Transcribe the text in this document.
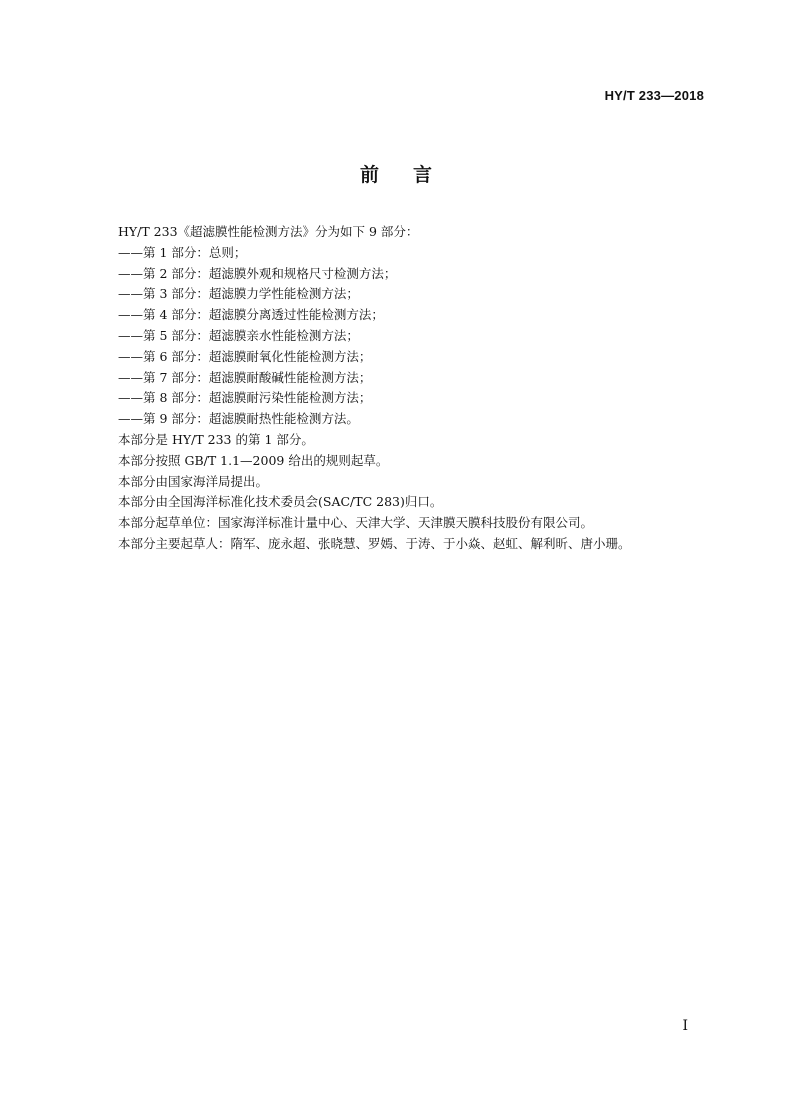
HY/T 233—2018
前言
HY/T 233《超滤膜性能检测方法》分为如下 9 部分：
——第 1 部分：总则；
——第 2 部分：超滤膜外观和规格尺寸检测方法；
——第 3 部分：超滤膜力学性能检测方法；
——第 4 部分：超滤膜分离透过性能检测方法；
——第 5 部分：超滤膜亲水性能检测方法；
——第 6 部分：超滤膜耐氧化性能检测方法；
——第 7 部分：超滤膜耐酸碱性能检测方法；
——第 8 部分：超滤膜耐污染性能检测方法；
——第 9 部分：超滤膜耐热性能检测方法。
本部分是 HY/T 233 的第 1 部分。
本部分按照 GB/T 1.1—2009 给出的规则起草。
本部分由国家海洋局提出。
本部分由全国海洋标准化技术委员会(SAC/TC 283)归口。
本部分起草单位：国家海洋标准计量中心、天津大学、天津膜天膜科技股份有限公司。
本部分主要起草人：隋军、庞永超、张晓慧、罗嫣、于涛、于小焱、赵虹、解利昕、唐小珊。
I
